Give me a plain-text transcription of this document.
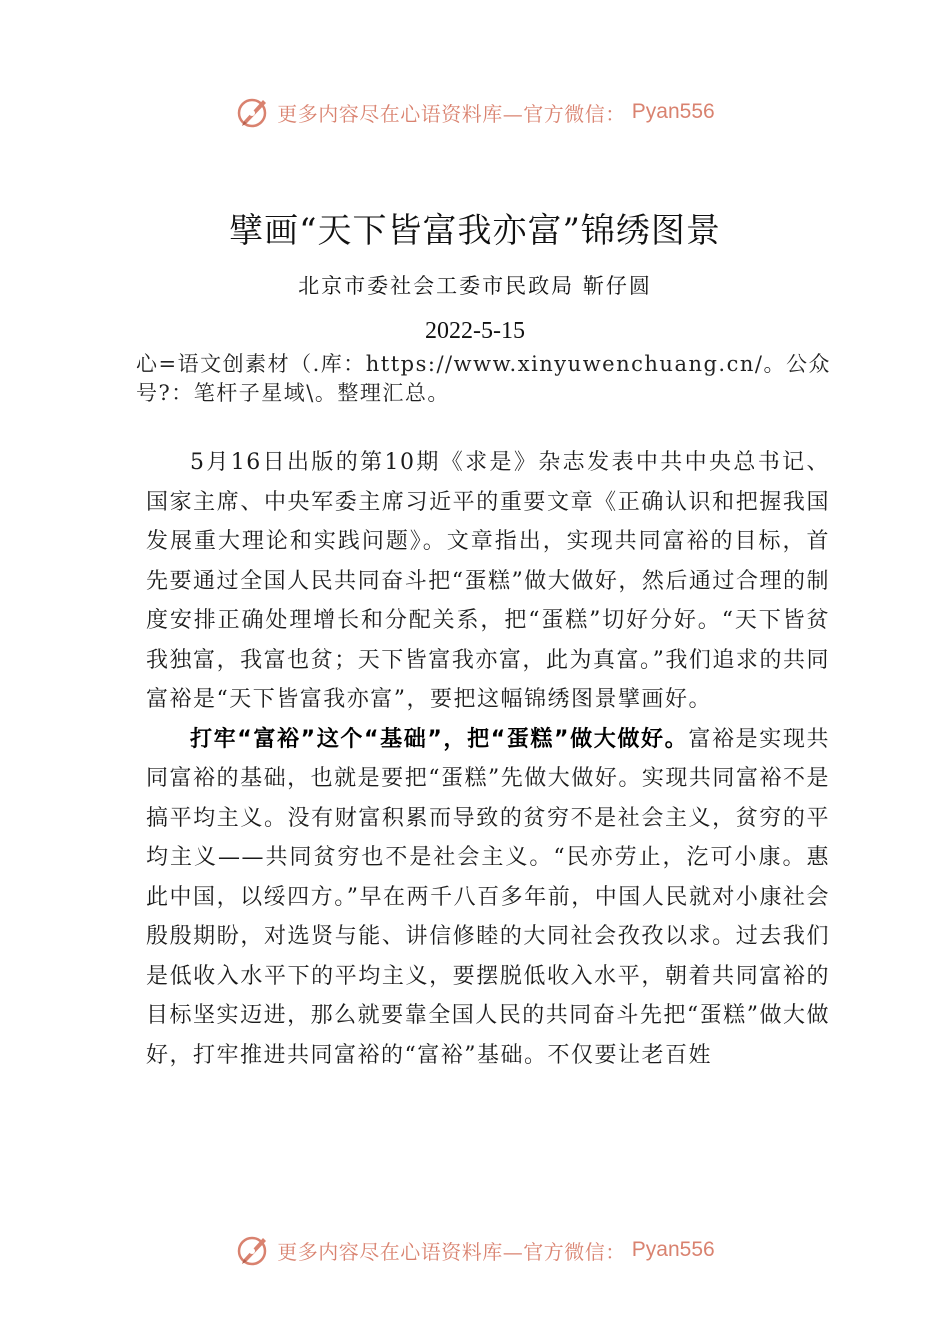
更多内容尽在心语资料库—官方微信： Pyan556
擘画“天下皆富我亦富”锦绣图景
北京市委社会工委市民政局 靳仔圆
2022-5-15
心=语文创素材（.库：https://www.xinyuwenchuang.cn/。公众号?：笔杆子星域\。整理汇总。

5月16日出版的第10期《求是》杂志发表中共中央总书记、国家主席、中央军委主席习近平的重要文章《正确认识和把握我国发展重大理论和实践问题》。文章指出，实现共同富裕的目标，首先要通过全国人民共同奋斗把“蛋糕”做大做好，然后通过合理的制度安排正确处理增长和分配关系，把“蛋糕”切好分好。“天下皆贫我独富，我富也贫；天下皆富我亦富，此为真富。”我们追求的共同富裕是“天下皆富我亦富”，要把这幅锦绣图景擘画好。

打牢“富裕”这个“基础”，把“蛋糕”做大做好。富裕是实现共同富裕的基础，也就是要把“蛋糕”先做大做好。实现共同富裕不是搞平均主义。没有财富积累而导致的贫穷不是社会主义，贫穷的平均主义——共同贫穷也不是社会主义。“民亦劳止，汔可小康。惠此中国，以绥四方。”早在两千八百多年前，中国人民就对小康社会殷殷期盼，对选贤与能、讲信修睦的大同社会孜孜以求。过去我们是低收入水平下的平均主义，要摆脱低收入水平，朝着共同富裕的目标坚实迈进，那么就要靠全国人民的共同奋斗先把“蛋糕”做大做好，打牢推进共同富裕的“富裕”基础。不仅要让老百姓

更多内容尽在心语资料库—官方微信： Pyan556
